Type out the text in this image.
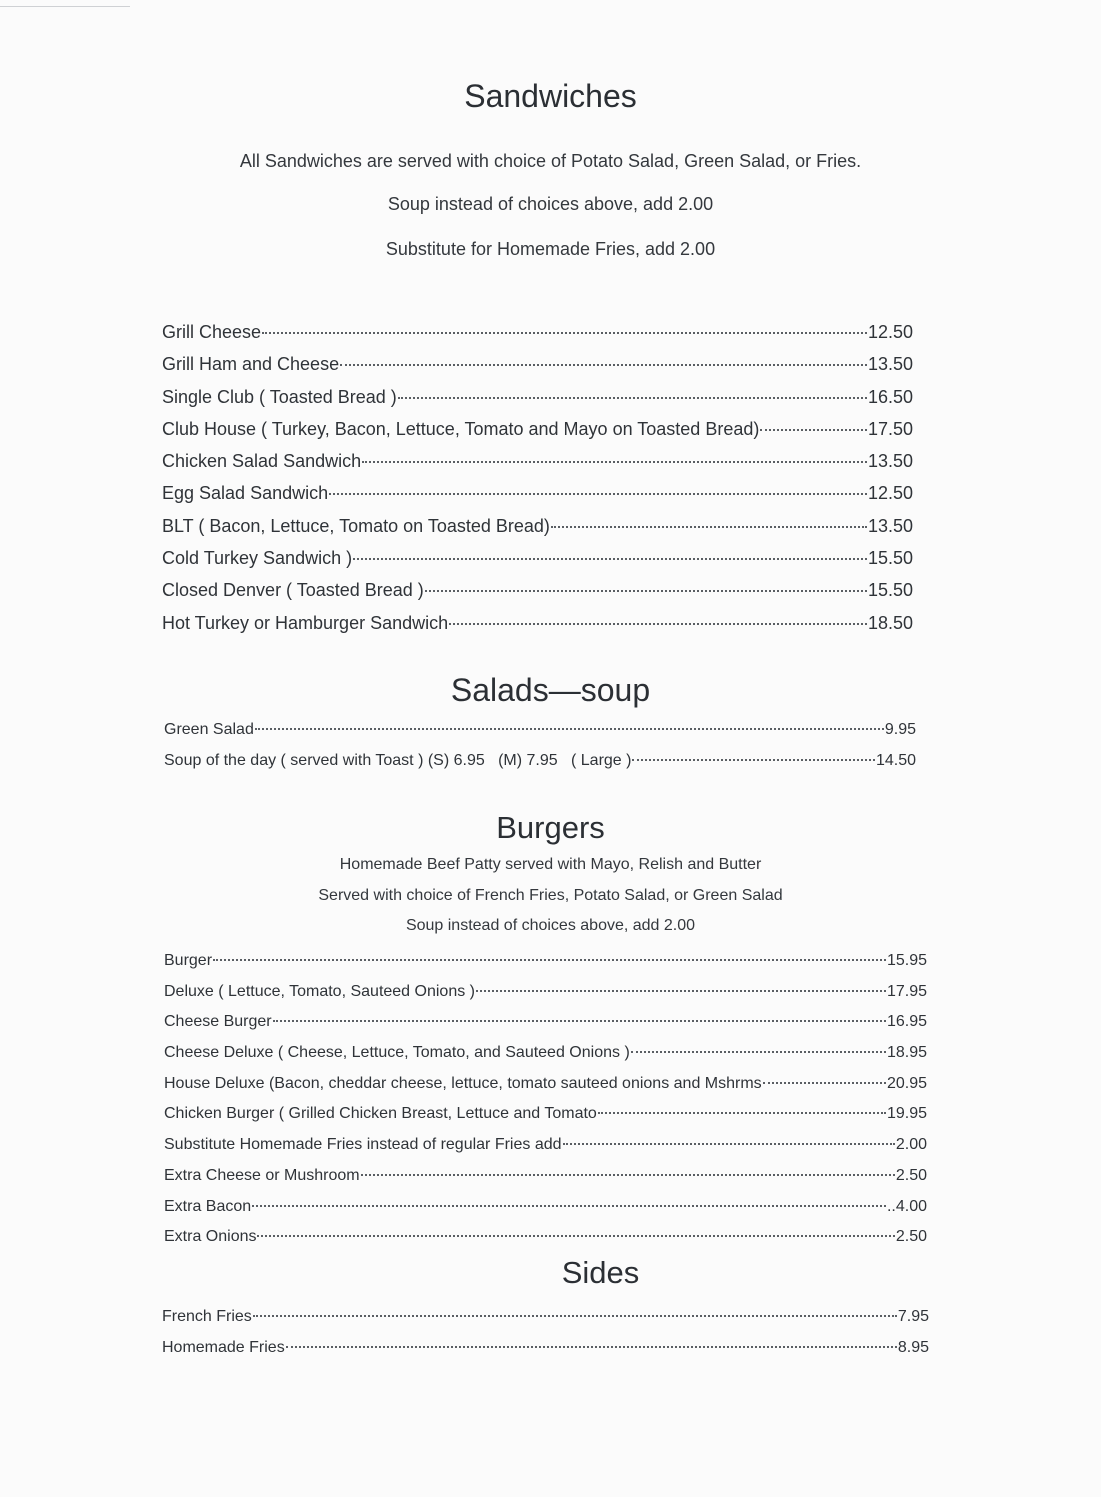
Sandwiches

All Sandwiches are served with choice of Potato Salad, Green Salad, or Fries.

Soup instead of choices above, add 2.00

Substitute for Homemade Fries, add 2.00

Grill Cheese	12.50
Grill Ham and Cheese	13.50
Single Club ( Toasted Bread )	16.50
Club House ( Turkey, Bacon, Lettuce, Tomato and Mayo on Toasted Bread)	17.50
Chicken Salad Sandwich	13.50
Egg Salad Sandwich	12.50
BLT ( Bacon, Lettuce, Tomato on Toasted Bread)	13.50
Cold Turkey Sandwich )	15.50
Closed Denver ( Toasted Bread )	15.50
Hot Turkey or Hamburger Sandwich	18.50
Salads—soup
Green Salad	9.95
Soup of the day ( served with Toast ) (S) 6.95   (M) 7.95   ( Large )	14.50
Burgers

Homemade Beef Patty served with Mayo, Relish and Butter

Served with choice of French Fries, Potato Salad, or Green Salad

Soup instead of choices above, add 2.00

Burger	15.95
Deluxe ( Lettuce, Tomato, Sauteed Onions )	17.95
Cheese Burger	16.95
Cheese Deluxe ( Cheese, Lettuce, Tomato, and Sauteed Onions )	18.95
House Deluxe (Bacon, cheddar cheese, lettuce, tomato sauteed onions and Mshrms	20.95
Chicken Burger ( Grilled Chicken Breast, Lettuce and Tomato	19.95
Substitute Homemade Fries instead of regular Fries add	2.00
Extra Cheese or Mushroom	2.50
Extra Bacon	..4.00
Extra Onions	2.50
Sides
French Fries	7.95
Homemade Fries	8.95
